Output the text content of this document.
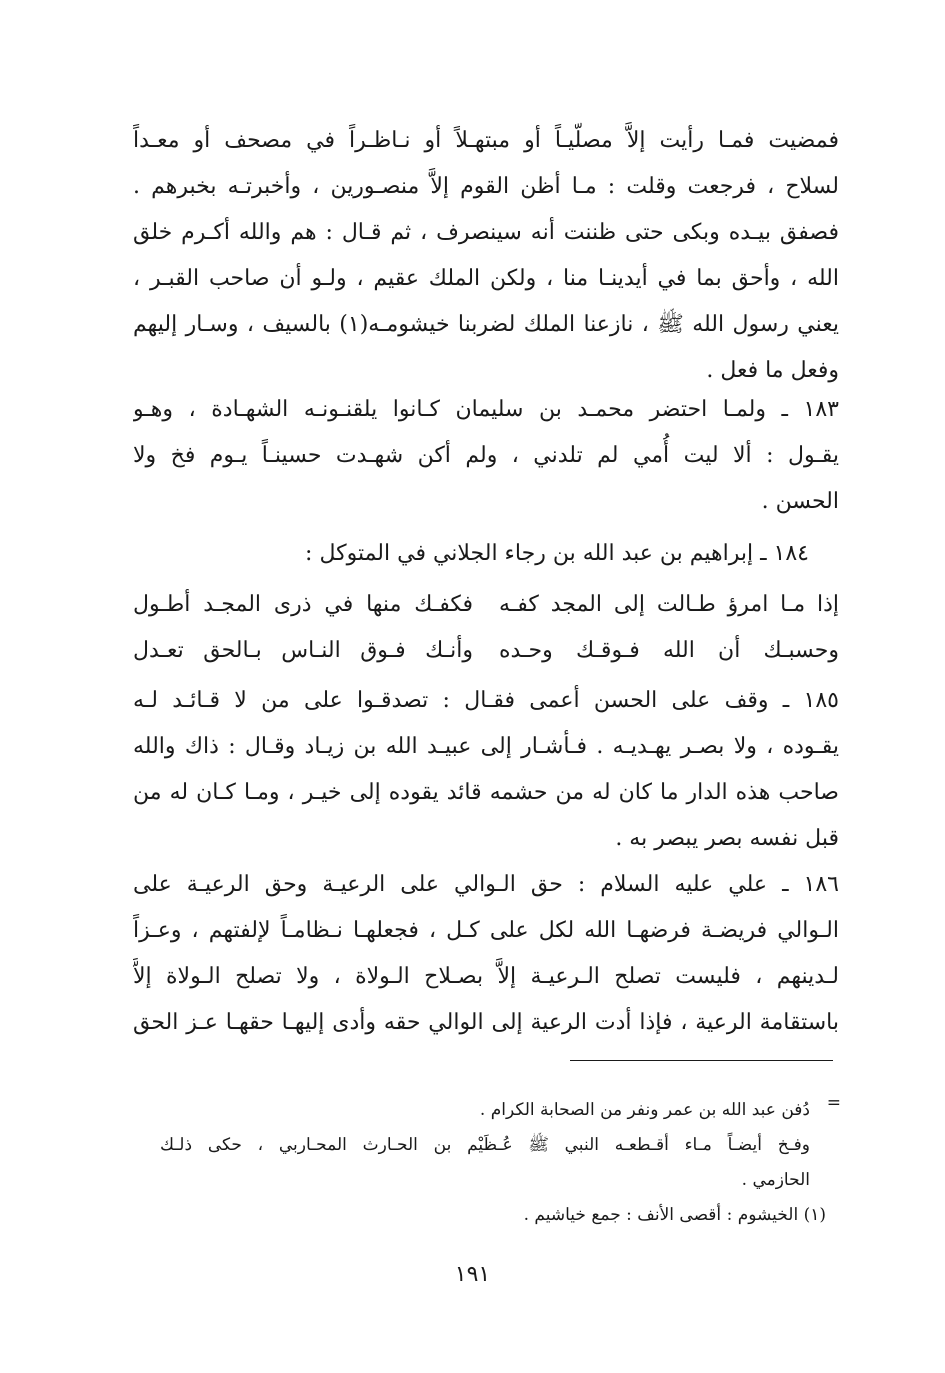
فمضيت فمـا رأيت إلاَّ مصلّيـاً أو مبتهـلاً أو نـاظـراً في مصحف أو معـداً
لسلاح ، فرجعت وقلت : مـا أظن القوم إلاَّ منصـورين ، وأخبرتـه بخبرهم .
فصفق بيـده وبكى حتى ظننت أنه سينصرف ، ثم قـال : هم والله أكـرم خلق
الله ، وأحق بما في أيدينـا منا ، ولكن الملك عقيم ، ولـو أن صاحب القبـر ،
يعني رسول الله ﷺ ، نازعنا الملك لضربنا خيشومـه(١) بالسيف ، وسـار إليهم
وفعل ما فعل .
١٨٣ ـ ولمـا احتضر محمـد بن سليمان كـانوا يلقنـونـه الشهـادة ، وهـو
يقـول : ألا ليت أُمي لم تلدني ، ولم أكن شهـدت حسينـاً يـوم فخ ولا
الحسن .
١٨٤ ـ إبراهيم بن عبد الله بن رجاء الجلاني في المتوكل :
إذا مـا امرؤ طـالت إلى المجد كفـه
فكفـك منها في ذرى المجـد أطـول
وحسبـك أن الله فـوقـك وحـده
وأنـك فـوق النـاس بـالحق تعـدل
١٨٥ ـ وقف على الحسن أعمى فقـال : تصدقـوا على من لا قـائـد لـه
يقـوده ، ولا بصـر يهـديـه . فـأشـار إلى عبيـد الله بن زيـاد وقـال : ذاك والله
صاحب هذه الدار ما كان له من حشمه قائد يقوده إلى خيـر ، ومـا كـان له من
قبل نفسه بصر يبصر به .
١٨٦ ـ علي عليه السلام : حق الـوالي على الرعيـة وحق الرعيـة على
الـوالي فريضـة فرضهـا الله لكل على كـل ، فجعلهـا نـظامـاً لإلفتهم ، وعـزاً
لـدينهم ، فليست تصلح الـرعيـة إلاَّ بصـلاح الـولاة ، ولا تصلح الـولاة إلاَّ
باستقامة الرعية ، فإذا أدت الرعية إلى الوالي حقه وأدى إليهـا حقهـا عـز الحق
=
دُفن عبد الله بن عمر ونفر من الصحابة الكرام .
وفـخ أيضـاً مـاء أقـطعـه النبي ﷺ عُـظَيْم بن الحـارث المحـاربي ، حكى ذلـك
الحازمي .
(١) الخيشوم : أقصى الأنف : جمع خياشيم .
١٩١
